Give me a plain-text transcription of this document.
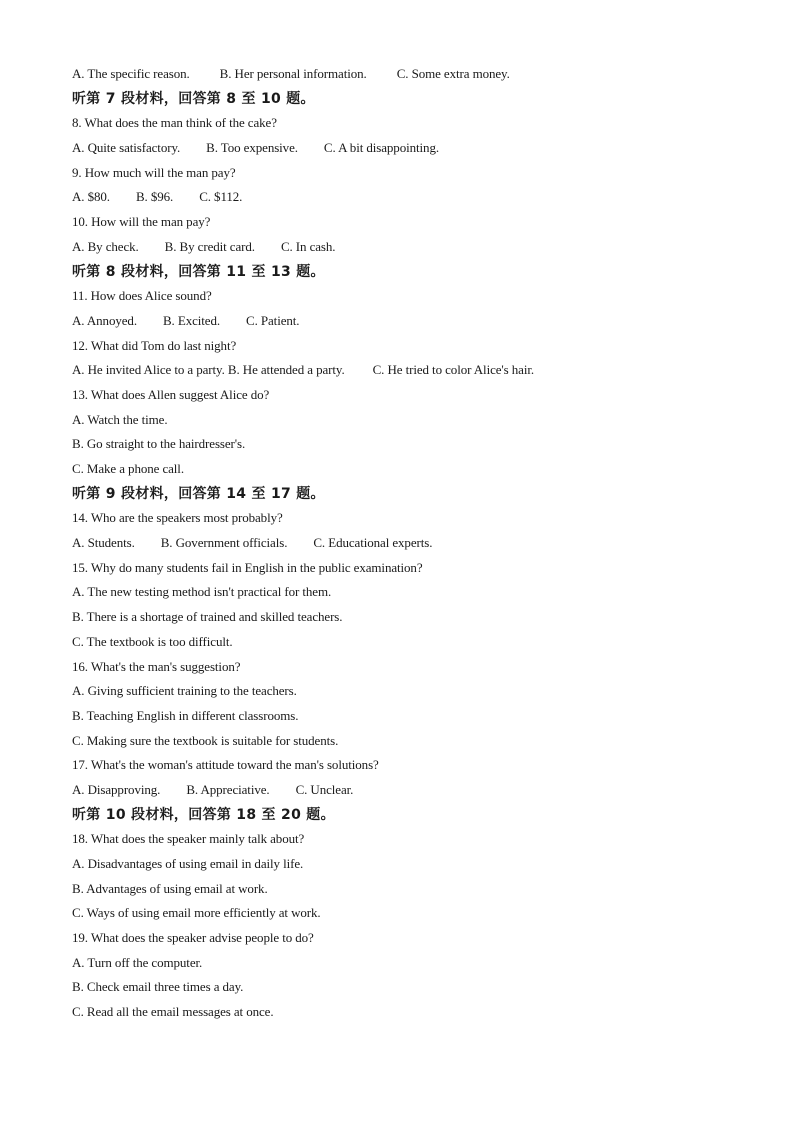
A. The specific reason. B. Her personal information. C. Some extra money.
听第 7 段材料，回答第 8 至 10 题。
8. What does the man think of the cake?
A. Quite satisfactory. B. Too expensive. C. A bit disappointing.
9. How much will the man pay?
A. $80. B. $96. C. $112.
10. How will the man pay?
A. By check. B. By credit card. C. In cash.
听第 8 段材料，回答第 11 至 13 题。
11. How does Alice sound?
A. Annoyed. B. Excited. C. Patient.
12. What did Tom do last night?
A. He invited Alice to a party. B. He attended a party. C. He tried to color Alice's hair.
13. What does Allen suggest Alice do?
A. Watch the time.
B. Go straight to the hairdresser's.
C. Make a phone call.
听第 9 段材料，回答第 14 至 17 题。
14. Who are the speakers most probably?
A. Students. B. Government officials. C. Educational experts.
15. Why do many students fail in English in the public examination?
A. The new testing method isn't practical for them.
B. There is a shortage of trained and skilled teachers.
C. The textbook is too difficult.
16. What's the man's suggestion?
A. Giving sufficient training to the teachers.
B. Teaching English in different classrooms.
C. Making sure the textbook is suitable for students.
17. What's the woman's attitude toward the man's solutions?
A. Disapproving. B. Appreciative. C. Unclear.
听第 10 段材料，回答第 18 至 20 题。
18. What does the speaker mainly talk about?
A. Disadvantages of using email in daily life.
B. Advantages of using email at work.
C. Ways of using email more efficiently at work.
19. What does the speaker advise people to do?
A. Turn off the computer.
B. Check email three times a day.
C. Read all the email messages at once.
